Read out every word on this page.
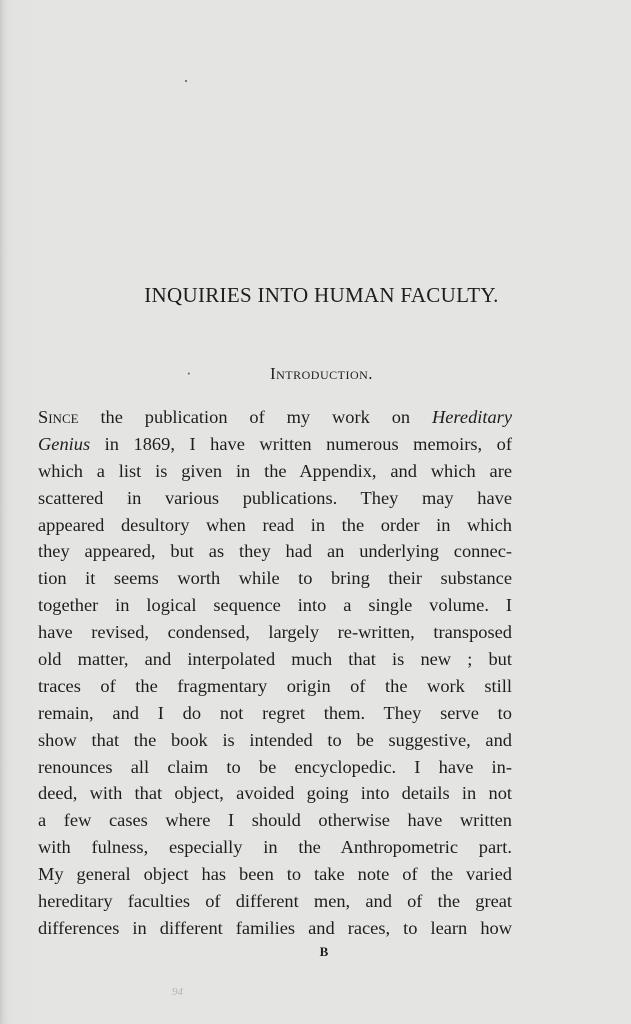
INQUIRIES INTO HUMAN FACULTY.
·	Introduction.
Since the publication of my work on Hereditary
Genius in 1869, I have written numerous memoirs, of
which a list is given in the Appendix, and which are
scattered in various publications. They may have
appeared desultory when read in the order in which
they appeared, but as they had an underlying connec-
tion it seems worth while to bring their substance
together in logical sequence into a single volume. I
have revised, condensed, largely re-written, transposed
old matter, and interpolated much that is new ; but
traces of the fragmentary origin of the work still
remain, and I do not regret them. They serve to
show that the book is intended to be suggestive, and
renounces all claim to be encyclopedic. I have in-
deed, with that object, avoided going into details in not
a few cases where I should otherwise have written
with fulness, especially in the Anthropometric part.
My general object has been to take note of the varied
hereditary faculties of different men, and of the great
differences in different families and races, to learn how
B
94
